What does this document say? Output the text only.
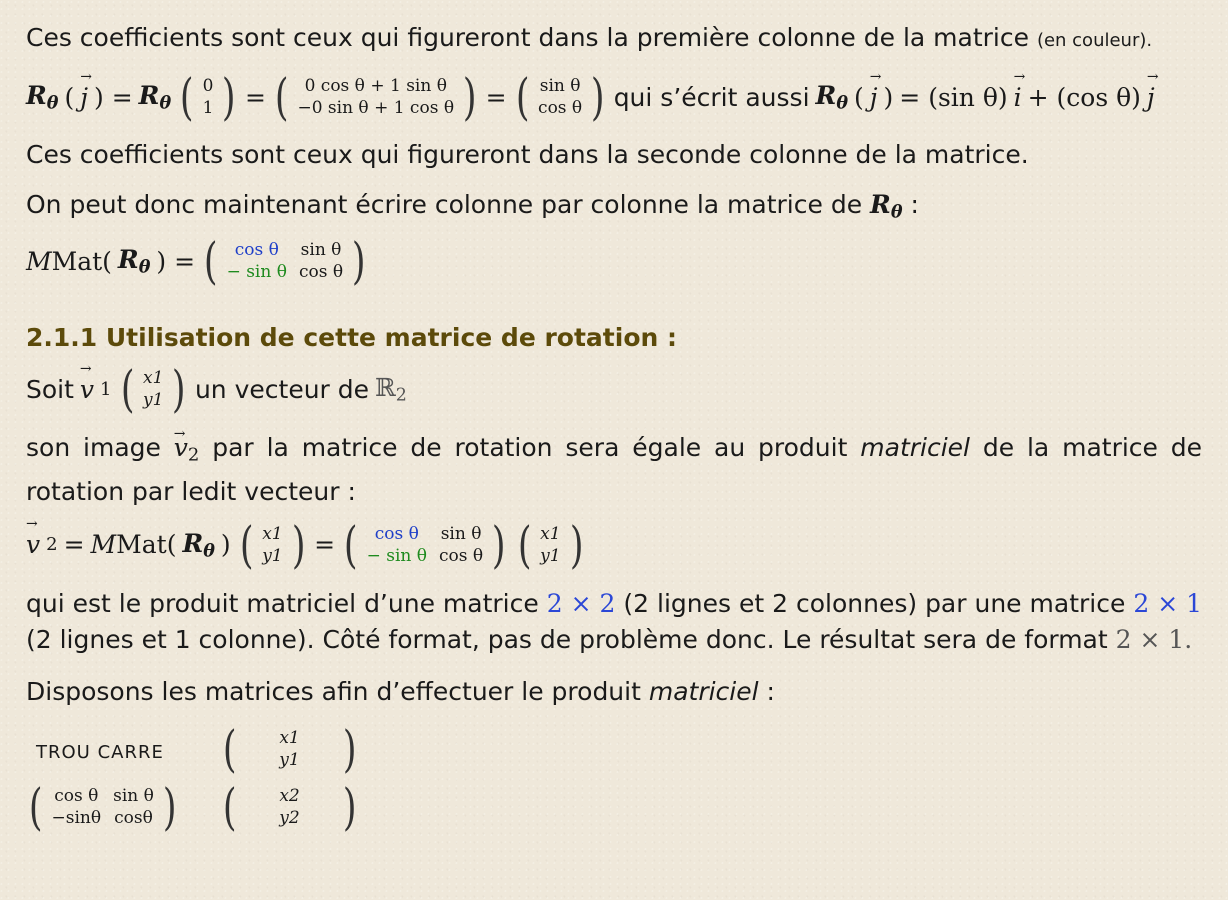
Ces coefficients sont ceux qui figureront dans la première colonne de la matrice (en couleur).

$R_\theta$ ( → j ) = $R_\theta$ ( 0
1 ) = ( 0 cos θ + 1 sin θ
−0 sin θ + 1 cos θ ) = ( sin θ
cos θ ) qui s’écrit aussi $R_\theta$ ( → j ) = (sin θ) → i + (cos θ) → j

Ces coefficients sont ceux qui figureront dans la seconde colonne de la matrice.

On peut donc maintenant écrire colonne par colonne la matrice de $R_\theta$ :

MMat( $R_\theta$ ) = ( cos θ	sin θ
− sin θ	cos θ )

2.1.1 Utilisation de cette matrice de rotation :

Soit → v 1 ( x1
y1 ) un vecteur de ℝ$_2$

son image → $v_2$ par la matrice de rotation sera égale au produit matriciel de la matrice de rotation par ledit vecteur :

→ v 2 = MMat( $R_\theta$ ) ( x1
y1 ) = ( cos θ	sin θ
− sin θ	cos θ ) ( x1
y1 )

qui est le produit matriciel d’une matrice 2 × 2 (2 lignes et 2 colonnes) par une matrice 2 × 1 (2 lignes et 1 colonne). Côté format, pas de problème donc. Le résultat sera de format 2 × 1.

Disposons les matrices afin d’effectuer le produit matriciel :

TROU CARRE (	x1
y1 )
( cos θ	sin θ
−sinθ	cosθ ) (	x2
y2 )
